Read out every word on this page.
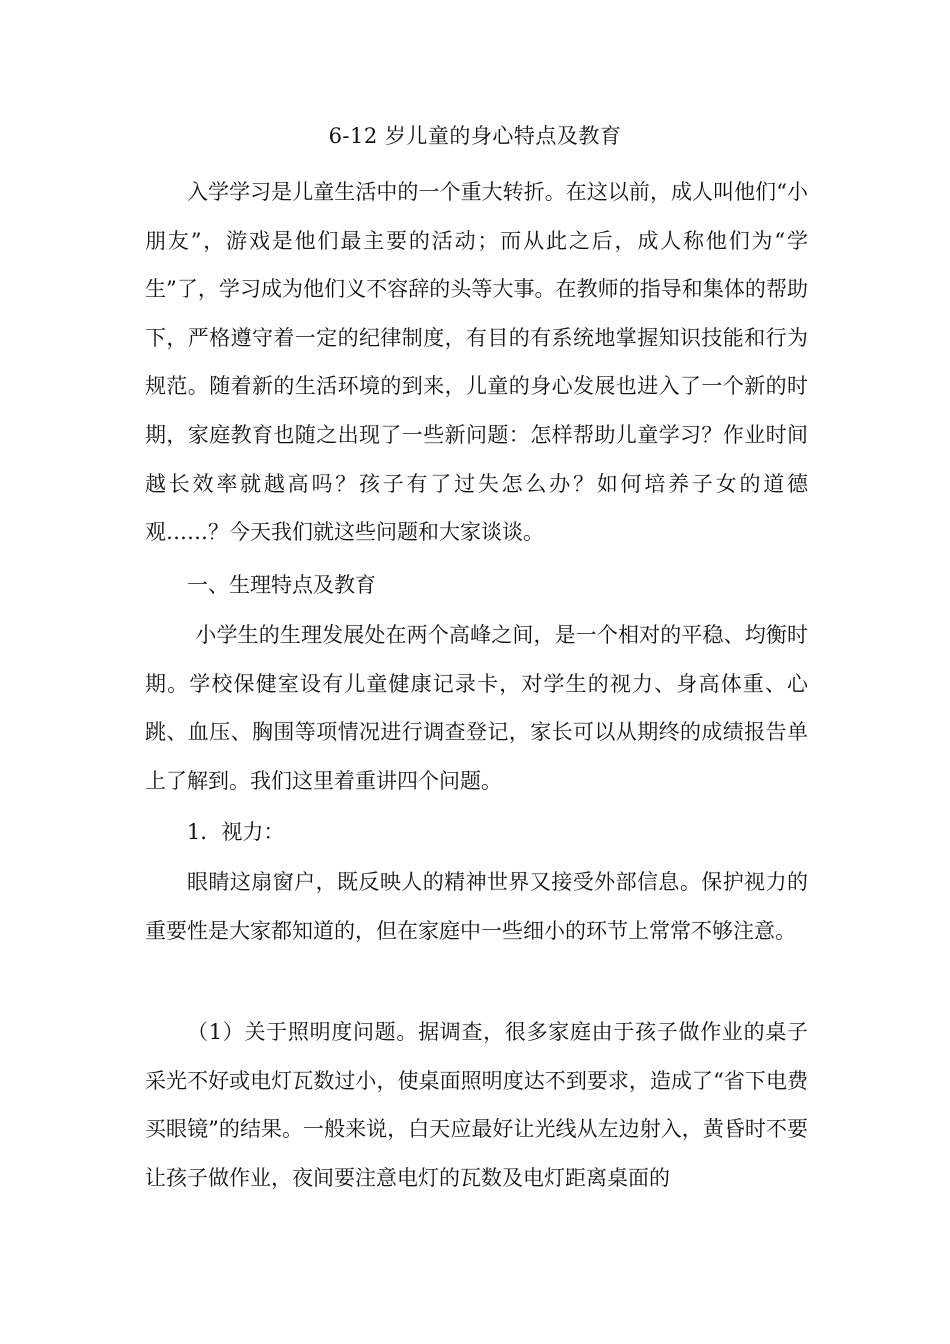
6-12 岁儿童的身心特点及教育

入学学习是儿童生活中的一个重大转折。在这以前，成人叫他们“小朋友”，游戏是他们最主要的活动；而从此之后，成人称他们为“学生”了，学习成为他们义不容辞的头等大事。在教师的指导和集体的帮助下，严格遵守着一定的纪律制度，有目的有系统地掌握知识技能和行为规范。随着新的生活环境的到来，儿童的身心发展也进入了一个新的时期，家庭教育也随之出现了一些新问题：怎样帮助儿童学习？作业时间越长效率就越高吗？孩子有了过失怎么办？如何培养子女的道德观……？今天我们就这些问题和大家谈谈。

一、生理特点及教育

小学生的生理发展处在两个高峰之间，是一个相对的平稳、均衡时期。学校保健室设有儿童健康记录卡，对学生的视力、身高体重、心跳、血压、胸围等项情况进行调查登记，家长可以从期终的成绩报告单上了解到。我们这里着重讲四个问题。

1．视力：

眼睛这扇窗户，既反映人的精神世界又接受外部信息。保护视力的重要性是大家都知道的，但在家庭中一些细小的环节上常常不够注意。

（1）关于照明度问题。据调查，很多家庭由于孩子做作业的桌子采光不好或电灯瓦数过小，使桌面照明度达不到要求，造成了“省下电费买眼镜”的结果。一般来说，白天应最好让光线从左边射入，黄昏时不要让孩子做作业，夜间要注意电灯的瓦数及电灯距离桌面的
